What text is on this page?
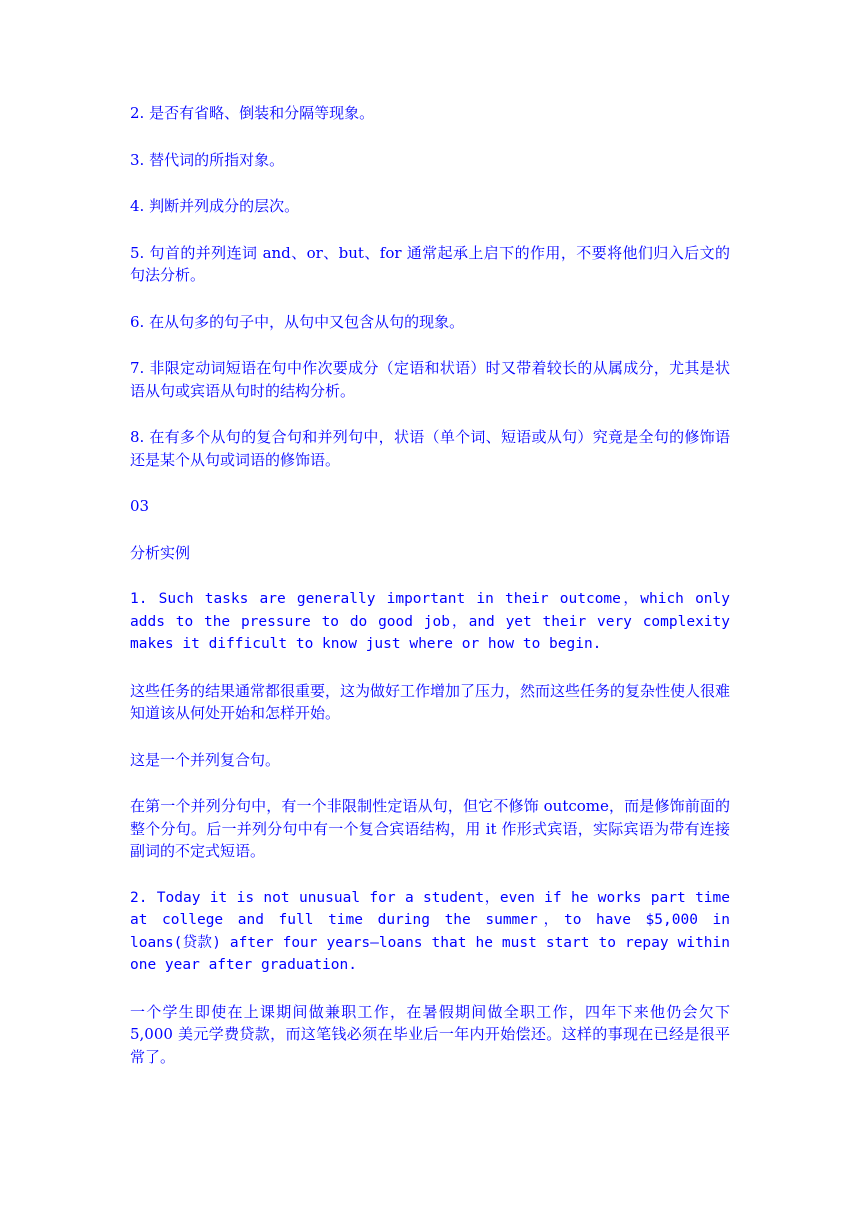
2. 是否有省略、倒装和分隔等现象。

3. 替代词的所指对象。

4. 判断并列成分的层次。

5. 句首的并列连词 and、or、but、for 通常起承上启下的作用，不要将他们归入后文的句法分析。

6. 在从句多的句子中，从句中又包含从句的现象。

7. 非限定动词短语在句中作次要成分（定语和状语）时又带着较长的从属成分，尤其是状语从句或宾语从句时的结构分析。

8. 在有多个从句的复合句和并列句中，状语（单个词、短语或从句）究竟是全句的修饰语还是某个从句或词语的修饰语。

03

分析实例

1. Such tasks are generally important in their outcome，which only adds to the pressure to do good job，and yet their very complexity makes it difficult to know just where or how to begin.

这些任务的结果通常都很重要，这为做好工作增加了压力，然而这些任务的复杂性使人很难知道该从何处开始和怎样开始。

这是一个并列复合句。

在第一个并列分句中，有一个非限制性定语从句，但它不修饰 outcome，而是修饰前面的整个分句。后一并列分句中有一个复合宾语结构，用 it 作形式宾语，实际宾语为带有连接副词的不定式短语。

2. Today it is not unusual for a student，even if he works part time at college and full time during the summer，to have $5,000 in loans(贷款) after four years—loans that he must start to repay within one year after graduation.

一个学生即使在上课期间做兼职工作，在暑假期间做全职工作，四年下来他仍会欠下 5,000 美元学费贷款，而这笔钱必须在毕业后一年内开始偿还。这样的事现在已经是很平常了。
